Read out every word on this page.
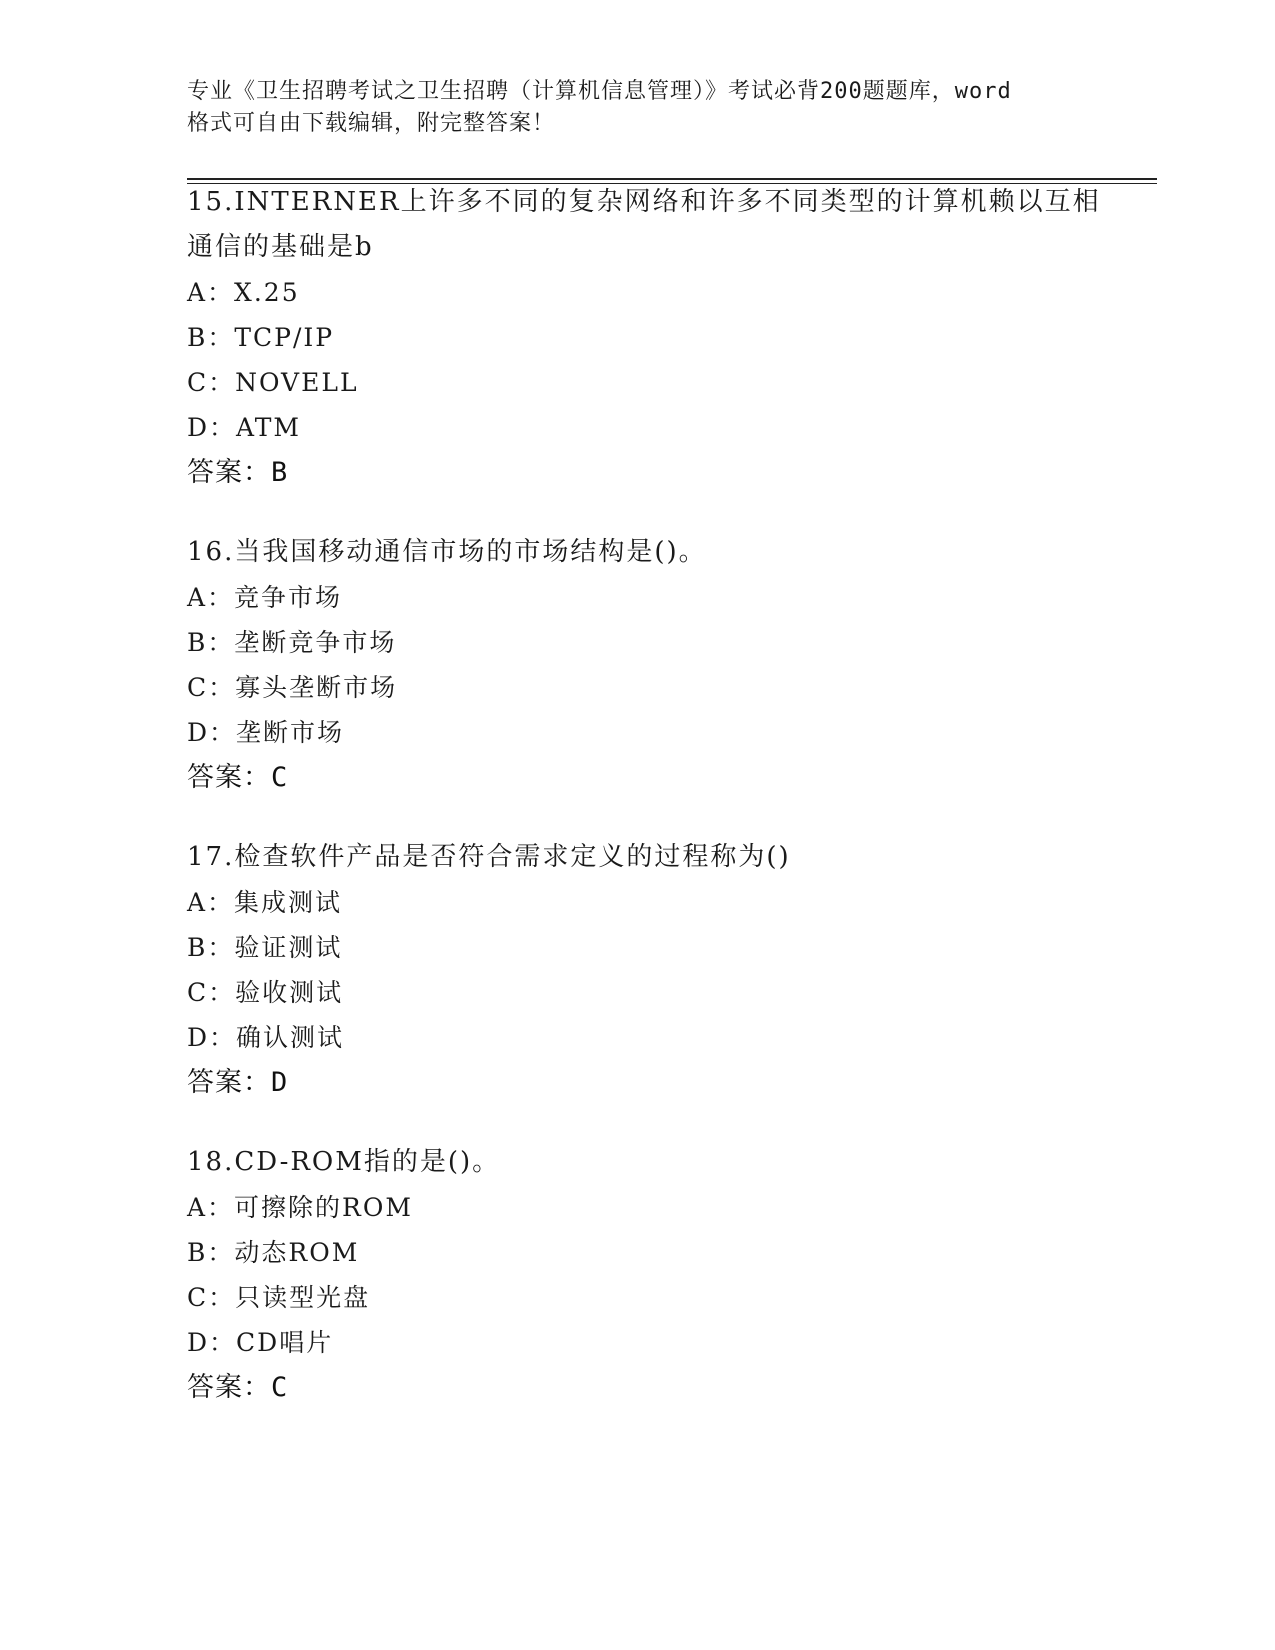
专业《卫生招聘考试之卫生招聘（计算机信息管理）》考试必背200题题库，word
格式可自由下载编辑，附完整答案！
15.INTERNER上许多不同的复杂网络和许多不同类型的计算机赖以互相
通信的基础是b
A：X.25
B：TCP/IP
C：NOVELL
D：ATM
答案：B
16.当我国移动通信市场的市场结构是()。
A：竞争市场
B：垄断竞争市场
C：寡头垄断市场
D：垄断市场
答案：C
17.检查软件产品是否符合需求定义的过程称为()
A：集成测试
B：验证测试
C：验收测试
D：确认测试
答案：D
18.CD-ROM指的是()。
A：可擦除的ROM
B：动态ROM
C：只读型光盘
D：CD唱片
答案：C
